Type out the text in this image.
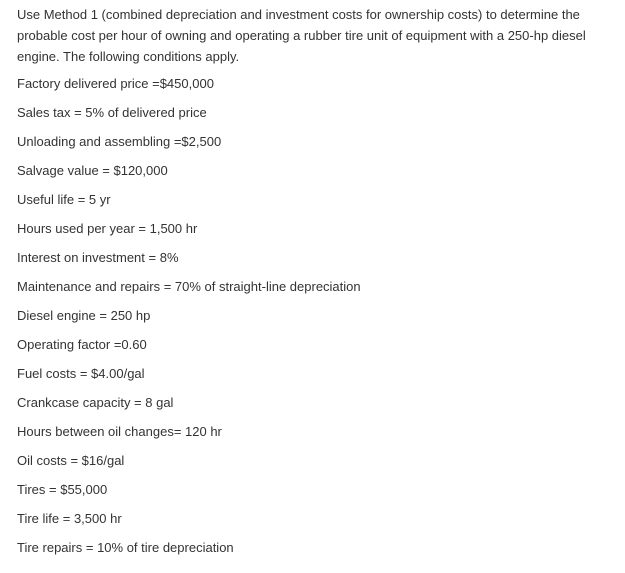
Use Method 1 (combined depreciation and investment costs for ownership costs) to determine the probable cost per hour of owning and operating a rubber tire unit of equipment with a 250-hp diesel engine. The following conditions apply.

Factory delivered price =$450,000
Sales tax = 5% of delivered price
Unloading and assembling =$2,500
Salvage value = $120,000
Useful life = 5 yr
Hours used per year = 1,500 hr
Interest on investment = 8%
Maintenance and repairs = 70% of straight-line depreciation
Diesel engine = 250 hp
Operating factor =0.60
Fuel costs = $4.00/gal
Crankcase capacity = 8 gal
Hours between oil changes= 120 hr
Oil costs = $16/gal
Tires = $55,000
Tire life = 3,500 hr
Tire repairs = 10% of tire depreciation
